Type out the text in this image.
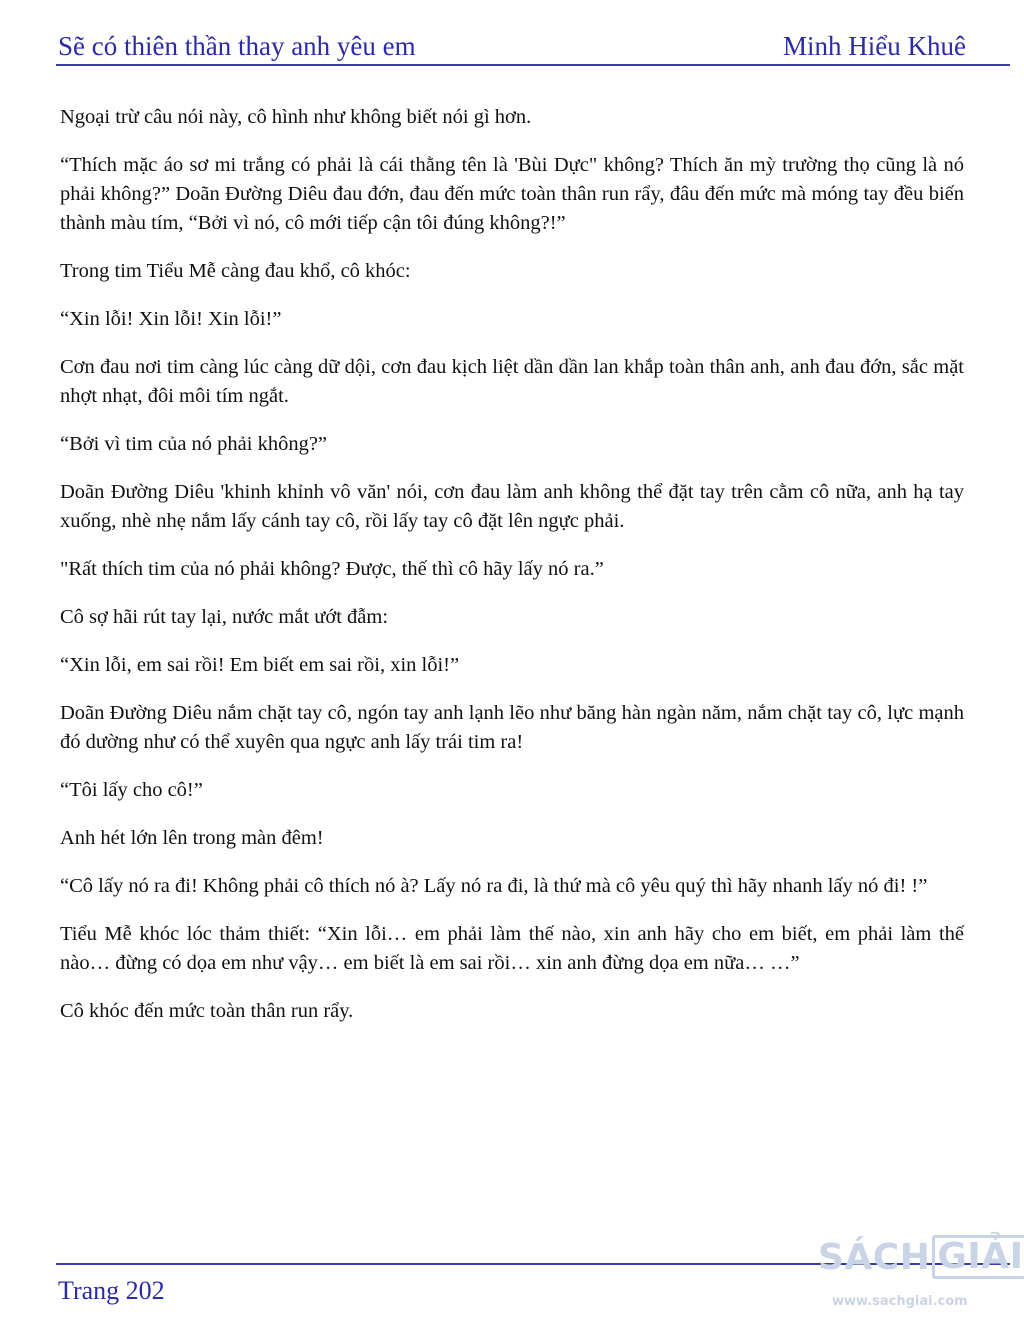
Sẽ có thiên thần thay anh yêu em	Minh Hiểu Khuê

Ngoại trừ câu nói này, cô hình như không biết nói gì hơn.

“Thích mặc áo sơ mi trắng có phải là cái thằng tên là 'Bùi Dực" không? Thích ăn mỳ trường thọ cũng là nó phải không?” Doãn Đường Diêu đau đớn, đau đến mức toàn thân run rẩy, đâu đến mức mà móng tay đều biến thành màu tím, “Bởi vì nó, cô mới tiếp cận tôi đúng không?!”

Trong tim Tiểu Mễ càng đau khổ, cô khóc:

“Xin lỗi! Xin lỗi! Xin lỗi!”

Cơn đau nơi tim càng lúc càng dữ dội, cơn đau kịch liệt dần dần lan khắp toàn thân anh, anh đau đớn, sắc mặt nhợt nhạt, đôi môi tím ngắt.

“Bởi vì tim của nó phải không?”

Doãn Đường Diêu 'khinh khỉnh vô văn' nói, cơn đau làm anh không thể đặt tay trên cằm cô nữa, anh hạ tay xuống, nhè nhẹ nắm lấy cánh tay cô, rồi lấy tay cô đặt lên ngực phải.

"Rất thích tim của nó phải không? Được, thế thì cô hãy lấy nó ra.”

Cô sợ hãi rút tay lại, nước mắt ướt đẫm:

“Xin lỗi, em sai rồi! Em biết em sai rồi, xin lỗi!”

Doãn Đường Diêu nắm chặt tay cô, ngón tay anh lạnh lẽo như băng hàn ngàn năm, nắm chặt tay cô, lực mạnh đó dường như có thể xuyên qua ngực anh lấy trái tim ra!

“Tôi lấy cho cô!”

Anh hét lớn lên trong màn đêm!

“Cô lấy nó ra đi! Không phải cô thích nó à? Lấy nó ra đi, là thứ mà cô yêu quý thì hãy nhanh lấy nó đi! !”

Tiểu Mễ khóc lóc thảm thiết: “Xin lỗi… em phải làm thế nào, xin anh hãy cho em biết, em phải làm thế nào… đừng có dọa em như vậy… em biết là em sai rồi… xin anh đừng dọa em nữa… …”

Cô khóc đến mức toàn thân run rẩy.

Trang 202
SÁCH GIẢI
www.sachgiai.com
